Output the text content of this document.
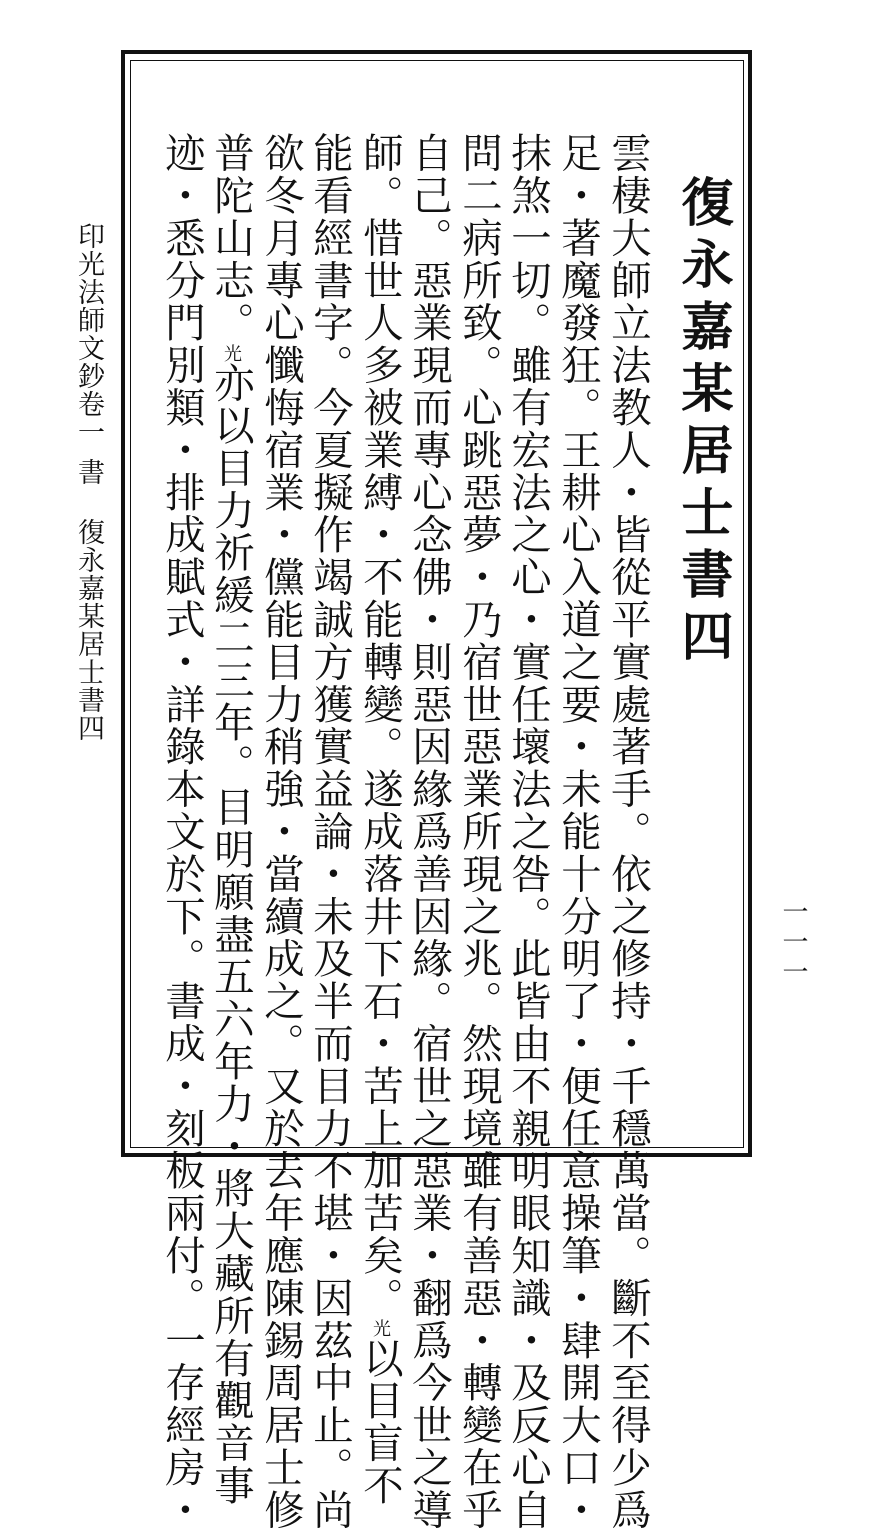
復永嘉某居士書四
雲棲大師立法教人・皆從平實處著手。依之修持・千穩萬當。斷不至得少爲
足・著魔發狂。王耕心入道之要・未能十分明了・便任意操筆・肆開大口・
抹煞一切。雖有宏法之心・實任壞法之咎。此皆由不親明眼知識・及反心自
問二病所致。心跳惡夢・乃宿世惡業所現之兆。然現境雖有善惡・轉變在乎
自己。惡業現而專心念佛・則惡因緣爲善因緣。宿世之惡業・翻爲今世之導
師。惜世人多被業縛・不能轉變。遂成落井下石・苦上加苦矣。光以目盲不
能看經書字。今夏擬作竭誠方獲實益論・未及半而目力不堪・因茲中止。尚
欲冬月專心懺悔宿業・儻能目力稍強・當續成之。又於去年應陳錫周居士修
普陀山志。光亦以目力祈緩二三年。目明願盡五六年力・將大藏所有觀音事
迹・悉分門別類・排成賦式・詳錄本文於下。書成・刻板兩付。一存經房・
印光法師文鈔卷一
書
復永嘉某居士書四
一一一
